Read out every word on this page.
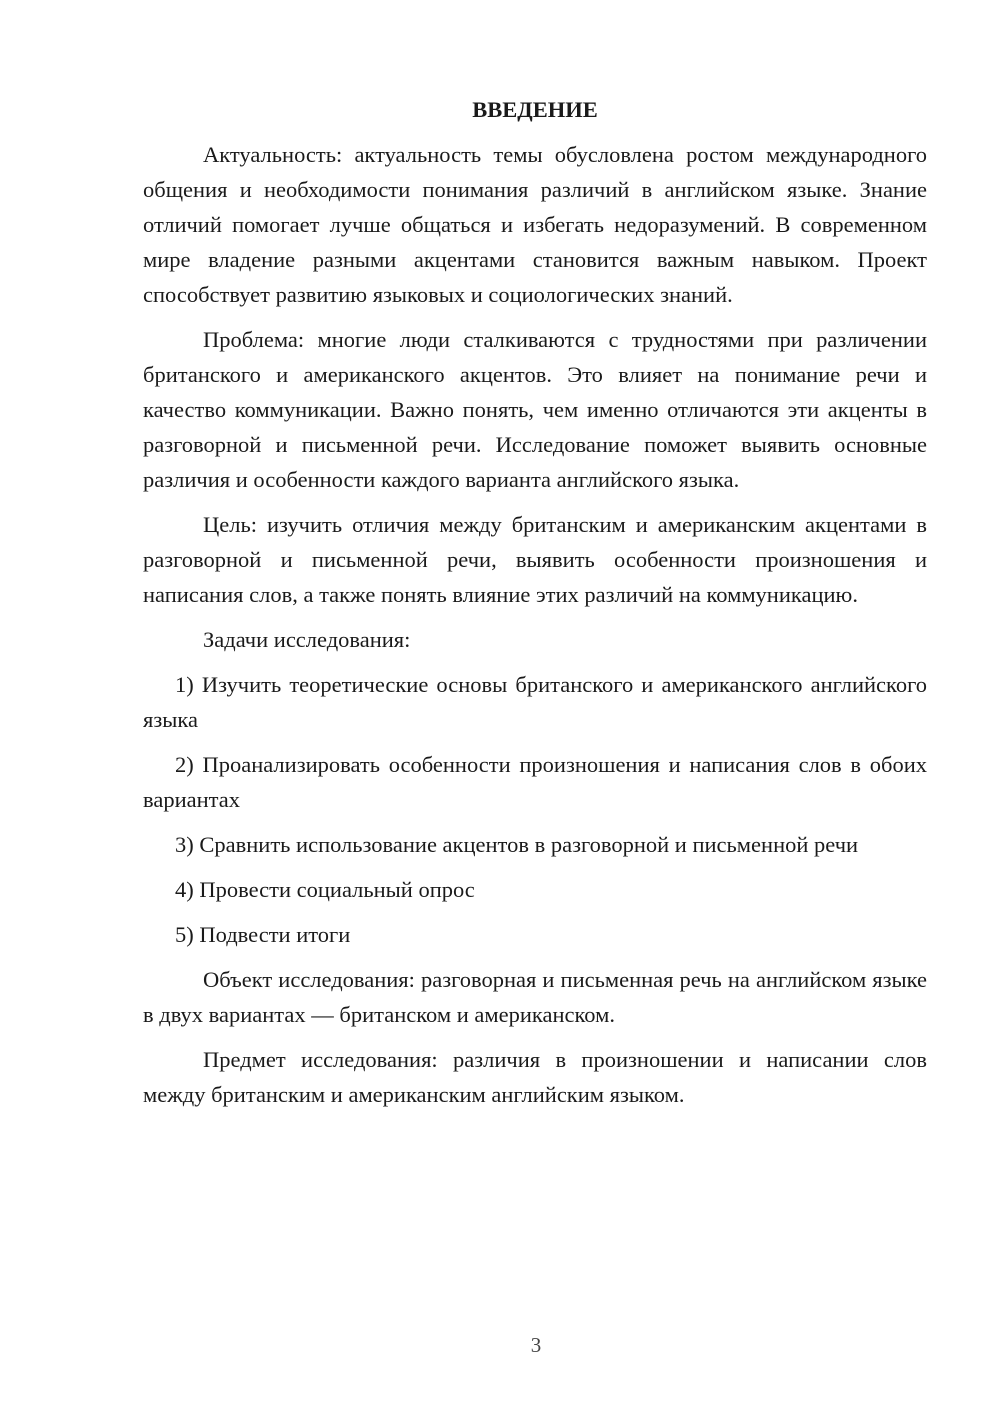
ВВЕДЕНИЕ

Актуальность: актуальность темы обусловлена ростом международного общения и необходимости понимания различий в английском языке. Знание отличий помогает лучше общаться и избегать недоразумений. В современном мире владение разными акцентами становится важным навыком. Проект способствует развитию языковых и социологических знаний.

Проблема: многие люди сталкиваются с трудностями при различении британского и американского акцентов. Это влияет на понимание речи и качество коммуникации. Важно понять, чем именно отличаются эти акценты в разговорной и письменной речи. Исследование поможет выявить основные различия и особенности каждого варианта английского языка.

Цель: изучить отличия между британским и американским акцентами в разговорной и письменной речи, выявить особенности произношения и написания слов, а также понять влияние этих различий на коммуникацию.

Задачи исследования:

1) Изучить теоретические основы британского и американского английского языка

2) Проанализировать особенности произношения и написания слов в обоих вариантах

3) Сравнить использование акцентов в разговорной и письменной речи

4) Провести социальный опрос

5) Подвести итоги

Объект исследования: разговорная и письменная речь на английском языке в двух вариантах — британском и американском.

Предмет исследования: различия в произношении и написании слов между британским и американским английским языком.

3
